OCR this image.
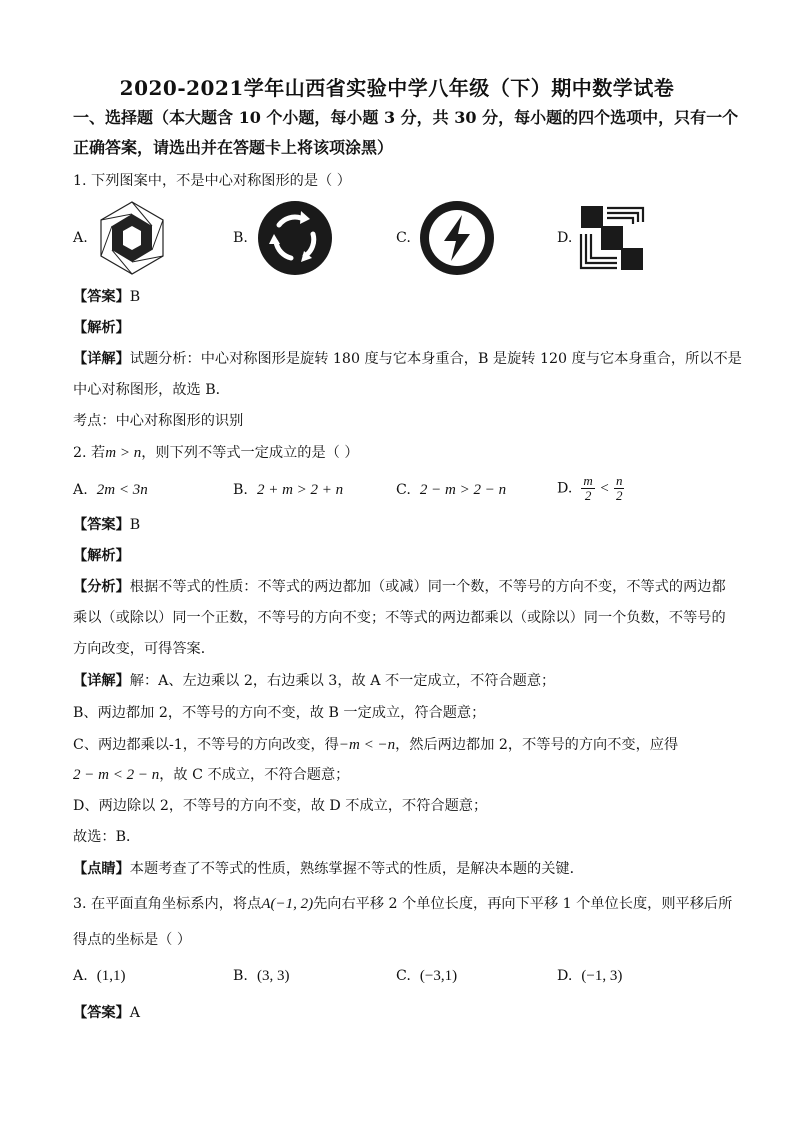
2020-2021学年山西省实验中学八年级（下）期中数学试卷
一、选择题（本大题含 10 个小题，每小题 3 分，共 30 分，每小题的四个选项中，只有一个
正确答案，请选出并在答题卡上将该项涂黑）
1. 下列图案中，不是中心对称图形的是（ ）
A.	B.	C.	D.
【答案】B
【解析】
【详解】试题分析：中心对称图形是旋转 180 度与它本身重合，B 是旋转 120 度与它本身重合，所以不是
中心对称图形，故选 B．
考点：中心对称图形的识别
2. 若m > n，则下列不等式一定成立的是（ ）
A. 2m < 3n	B. 2 + m > 2 + n	C. 2 − m > 2 − n	D. $\frac{m}{2} < \frac{n}{2}$
【答案】B
【解析】
【分析】根据不等式的性质：不等式的两边都加（或减）同一个数，不等号的方向不变，不等式的两边都
乘以（或除以）同一个正数，不等号的方向不变；不等式的两边都乘以（或除以）同一个负数，不等号的
方向改变，可得答案．
【详解】解：A、左边乘以 2，右边乘以 3，故 A 不一定成立，不符合题意；
B、两边都加 2，不等号的方向不变，故 B 一定成立，符合题意；
C、两边都乘以-1，不等号的方向改变，得−m < −n，然后两边都加 2，不等号的方向不变，应得
2 − m < 2 − n，故 C 不成立，不符合题意；
D、两边除以 2，不等号的方向不变，故 D 不成立，不符合题意；
故选：B．
【点睛】本题考查了不等式的性质，熟练掌握不等式的性质，是解决本题的关键．
3. 在平面直角坐标系内，将点A(−1, 2)先向右平移 2 个单位长度，再向下平移 1 个单位长度，则平移后所
得点的坐标是（ ）
A. (1,1)	B. (3, 3)	C. (−3,1)	D. (−1, 3)
【答案】A
